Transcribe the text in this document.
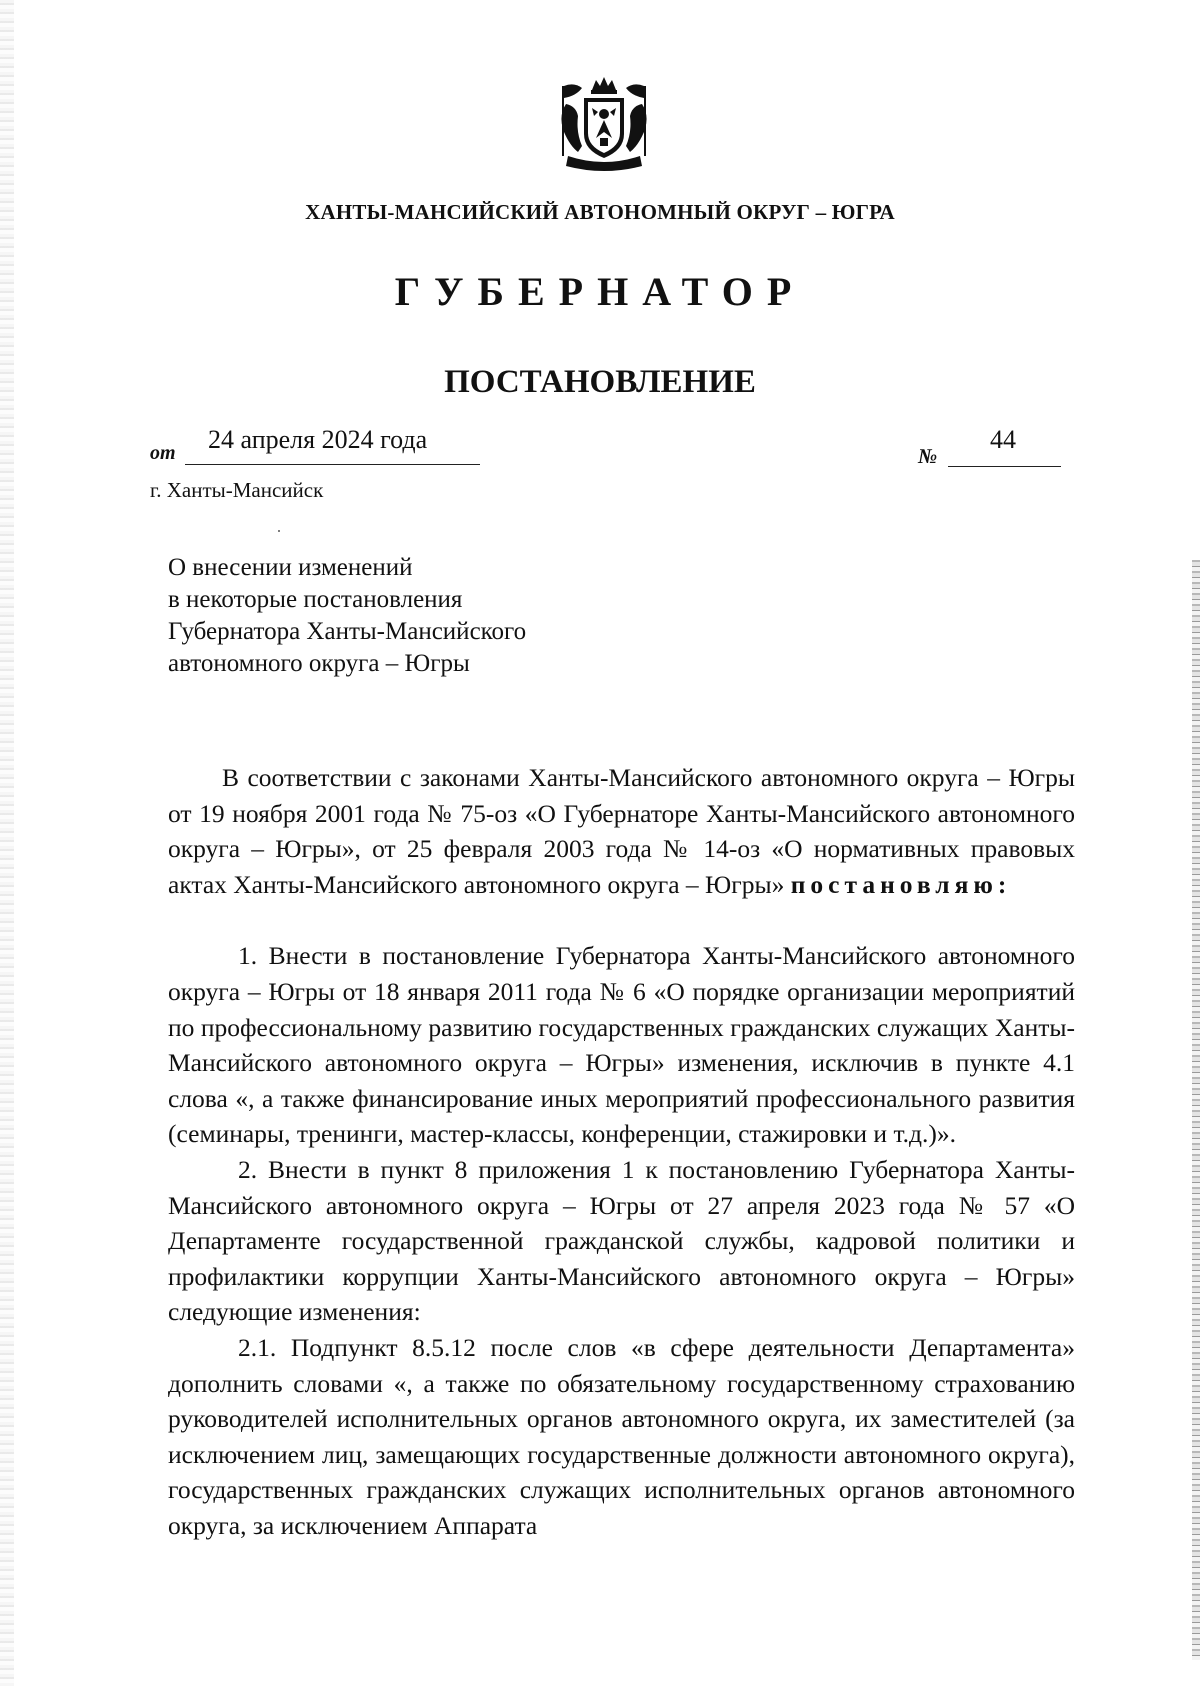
ХАНТЫ-МАНСИЙСКИЙ АВТОНОМНЫЙ ОКРУГ – ЮГРА
ГУБЕРНАТОР
ПОСТАНОВЛЕНИЕ
от 24 апреля 2024 года
№
44
г. Ханты-Мансийск
О внесении изменений
в некоторые постановления
Губернатора Ханты-Мансийского
автономного округа – Югры

В соответствии с законами Ханты-Мансийского автономного округа – Югры от 19 ноября 2001 года № 75-оз «О Губернаторе Ханты-Мансийского автономного округа – Югры», от 25 февраля 2003 года № 14-оз «О нормативных правовых актах Ханты-Мансийского автономного округа – Югры» постановляю:

1. Внести в постановление Губернатора Ханты-Мансийского автономного округа – Югры от 18 января 2011 года № 6 «О порядке организации мероприятий по профессиональному развитию государственных гражданских служащих Ханты-Мансийского автономного округа – Югры» изменения, исключив в пункте 4.1 слова «, а также финансирование иных мероприятий профессионального развития (семинары, тренинги, мастер-классы, конференции, стажировки и т.д.)».

2. Внести в пункт 8 приложения 1 к постановлению Губернатора Ханты-Мансийского автономного округа – Югры от 27 апреля 2023 года № 57 «О Департаменте государственной гражданской службы, кадровой политики и профилактики коррупции Ханты-Мансийского автономного округа – Югры» следующие изменения:

2.1. Подпункт 8.5.12 после слов «в сфере деятельности Департамента» дополнить словами «, а также по обязательному государственному страхованию руководителей исполнительных органов автономного округа, их заместителей (за исключением лиц, замещающих государственные должности автономного округа), государственных гражданских служащих исполнительных органов автономного округа, за исключением Аппарата
